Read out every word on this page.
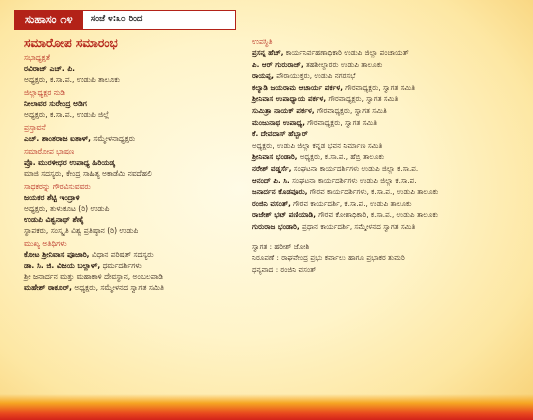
ಸುಹಾಸಂ ೧೪	ಸಂಜೆ ೪:೩೦ ರಿಂದ
ಸಮಾರೋಪ ಸಮಾರಂಭ
ಸಭಾಧ್ಯಕ್ಷತೆ
ರವಿರಾಜ್ ಎಚ್. ಪಿ.
ಅಧ್ಯಕ್ಷರು, ಕ.ಸಾ.ಪ., ಉಡುಪಿ ತಾಲೂಕು
ಜಿಲ್ಲಾಧ್ಯಕ್ಷರ ನುಡಿ
ನೀಲಾವರ ಸುರೇಂದ್ರ ಅಡಿಗ
ಅಧ್ಯಕ್ಷರು, ಕ.ಸಾ.ಪ., ಉಡುಪಿ ಜಿಲ್ಲೆ
ಪ್ರಸ್ತಾವನೆ
ಎಚ್. ಶಾಂತರಾಜ ಐತಾಳ್, ಸಮ್ಮೇಳನಾಧ್ಯಕ್ಷರು
ಸಮಾರೋಪ ಭಾಷಣ
ಪ್ರೊ. ಮುರಳೀಧರ ಉಪಾಧ್ಯ ಹಿರಿಯಡ್ಕ
ಮಾಜಿ ಸದಸ್ಯರು, ಕೇಂದ್ರ ಸಾಹಿತ್ಯ ಅಕಾಡೆಮಿ ನವದೆಹಲಿ
ಸಾಧಕರನ್ನು ಗೌರವಿಸುವವರು
ಜಯಕರ ಶೆಟ್ಟಿ ಇಂದ್ರಾಳಿ
ಅಧ್ಯಕ್ಷರು, ತುಳುಕೂಟ (ರಿ) ಉಡುಪಿ
ಉಡುಪಿ ವಿಶ್ವನಾಥ್ ಶೆಣೈ
ಸ್ಥಾಪಕರು, ಸಂಸ್ಕೃತಿ ವಿಶ್ವ ಪ್ರತಿಷ್ಠಾನ (ರಿ) ಉಡುಪಿ
ಮುಖ್ಯ ಅತಿಥಿಗಳು
ಕೋಟ ಶ್ರೀನಿವಾಸ ಪೂಜಾರಿ, ವಿಧಾನ ಪರಿಷತ್ ಸದಸ್ಯರು
ಡಾ. ಸಿ. ಜಿ. ವಿಜಯ ಬಲ್ಲಾಳ್, ಧರ್ಮದರ್ಶಿಗಳು
ಶ್ರೀ ಜನಾರ್ದನ ಮತ್ತು ಮಹಾಕಾಳಿ ದೇವಸ್ಥಾನ, ಅಂಬಲಪಾಡಿ
ಮಹೇಶ್ ಠಾಕೂರ್, ಅಧ್ಯಕ್ಷರು, ಸಮ್ಮೇಳನದ ಸ್ವಾಗತ ಸಮಿತಿ
ಉಪಸ್ಥಿತಿ
ಪ್ರಸನ್ನ ಹೆಚ್, ಕಾರ್ಯನಿರ್ವಹಣಾಧಿಕಾರಿ ಉಡುಪಿ ಜಿಲ್ಲಾ ಪಂಚಾಯತ್
ಪಿ. ಆರ್ ಗುರುರಾಜ್, ತಹಶೀಲ್ದಾರರು ಉಡುಪಿ ತಾಲೂಕು
ರಾಯಪ್ಪ, ಪೌರಾಯುಕ್ತರು, ಉಡುಪಿ ನಗರಸಭೆ
ಕಲ್ಯಾಡಿ ಜಯರಾಮ ಆಚಾರ್ಯ ಪರ್ಕಳ, ಗೌರವಾಧ್ಯಕ್ಷರು, ಸ್ವಾಗತ ಸಮಿತಿ
ಶ್ರೀನಿವಾಸ ಉಪಾಧ್ಯಾಯ ಪರ್ಕಳ, ಗೌರವಾಧ್ಯಕ್ಷರು, ಸ್ವಾಗತ ಸಮಿತಿ
ಸುಮಿತ್ರಾ ನಾಯಕ್ ಪರ್ಕಳ, ಗೌರವಾಧ್ಯಕ್ಷರು, ಸ್ವಾಗತ ಸಮಿತಿ
ಮಂಜುನಾಥ ಉಪಾಧ್ಯ, ಗೌರವಾಧ್ಯಕ್ಷರು, ಸ್ವಾಗತ ಸಮಿತಿ
ಕೆ. ದೇವದಾಸ್ ಹೆಬ್ಬಾರ್
ಅಧ್ಯಕ್ಷರು, ಉಡುಪಿ ಜಿಲ್ಲಾ ಕನ್ನಡ ಭವನ ನಿರ್ಮಾಣ ಸಮಿತಿ
ಶ್ರೀನಿವಾಸ ಭಂಡಾರಿ, ಅಧ್ಯಕ್ಷರು, ಕ.ಸಾ.ಪ., ಹೆಬ್ರಿ ತಾಲೂಕು
ನರೇಶ್ ವಡ್ಡರ್ಸೆ, ಸಂಘಟನಾ ಕಾರ್ಯದರ್ಶಿಗಳು ಉಡುಪಿ ಜಿಲ್ಲಾ ಕ.ಸಾ.ಪ.
ಆನಂದ್ ಪಿ. ಸಿ. ಸಂಘಟನಾ ಕಾರ್ಯದರ್ಶಿಗಳು ಉಡುಪಿ ಜಿಲ್ಲಾ ಕ.ಸಾ.ಪ.
ಜನಾರ್ದನ ಕೊಡವೂರು, ಗೌರವ ಕಾರ್ಯದರ್ಶಿಗಳು, ಕ.ಸಾ.ಪ., ಉಡುಪಿ ತಾಲೂಕು
ರಂಜಿನಿ ವಸಂತ್, ಗೌರವ ಕಾರ್ಯದರ್ಶಿ, ಕ.ಸಾ.ಪ., ಉಡುಪಿ ತಾಲೂಕು
ರಾಜೇಶ್ ಭಟ್ ಪಣಿಯಾಡಿ, ಗೌರವ ಕೋಶಾಧಿಕಾರಿ, ಕ.ಸಾ.ಪ., ಉಡುಪಿ ತಾಲೂಕು
ಗುರುರಾಜ ಭಂಡಾರಿ, ಪ್ರಧಾನ ಕಾರ್ಯದರ್ಶಿ, ಸಮ್ಮೇಳನದ ಸ್ವಾಗತ ಸಮಿತಿ
ಸ್ವಾಗತ : ಹರೀಶ್ ಜೋಶಿ
ನಿರೂಪಣೆ : ರಾಘವೇಂದ್ರ ಪ್ರಭು ಕರ್ವಾಲು ಹಾಗೂ ಪ್ರಭಾಕರ ತುಮರಿ
ಧನ್ಯವಾದ : ರಂಜಿನಿ ವಸಂತ್
